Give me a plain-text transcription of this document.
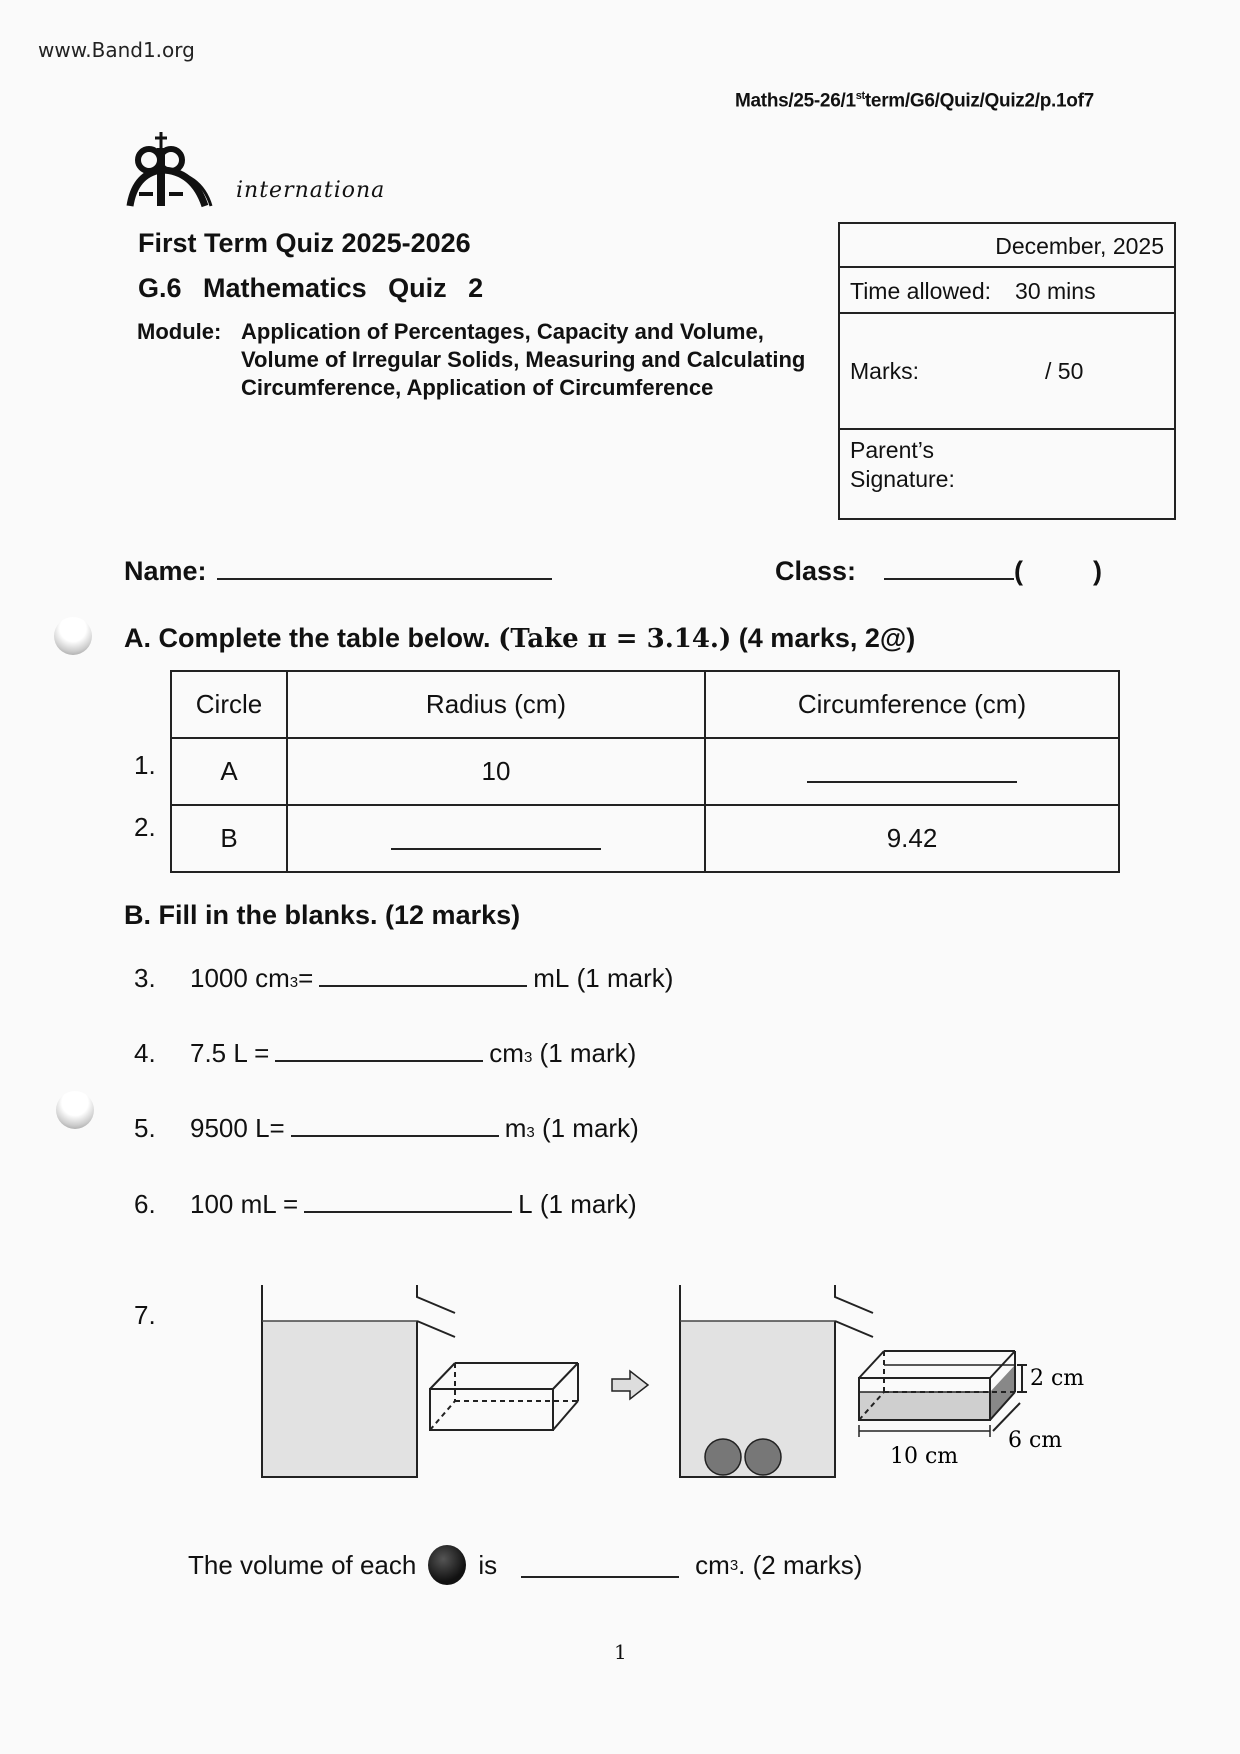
www.Band1.org
Maths/25-26/1stterm/G6/Quiz/Quiz2/p.1of7
internationa
First Term Quiz 2025-2026
G.6 Mathematics Quiz 2
Module: Application of Percentages, Capacity and Volume, Volume of Irregular Solids, Measuring and Calculating Circumference, Application of Circumference
December, 2025
Time allowed: 30 mins
Marks:	/ 50
Parent’s
Signature:
Name:	Class:	(	)
A. Complete the table below. (Take π = 3.14.) (4 marks, 2@)
Circle	Radius (cm)	Circumference (cm)
A	10	
B		9.42
1.
2.
B. Fill in the blanks. (12 marks)
3.	1000 cm 3 =	mL
(1 mark)
4.	7.5 L =	cm 3
(1 mark)
5.	9500 L=	m 3
(1 mark)
6.	100 mL =	L
(1 mark)
7.
2 cm
6 cm
10 cm
The volume of each is	cm 3 . (2 marks)
1
